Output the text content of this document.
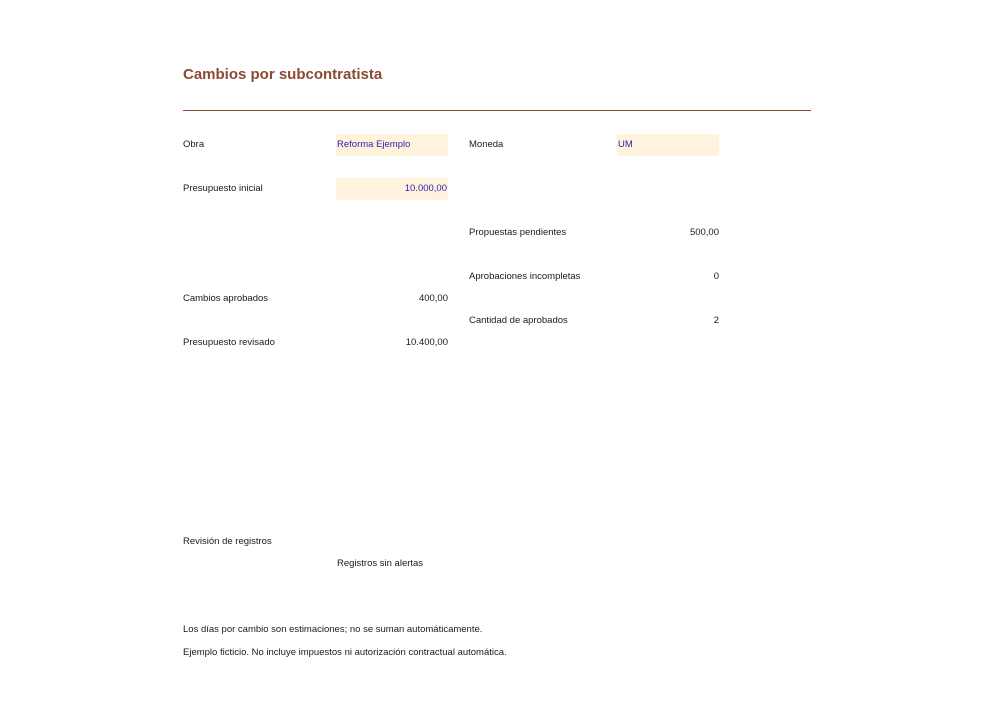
Cambios por subcontratista
Obra	Reforma Ejemplo	Moneda	UM
Presupuesto inicial	10.000,00
Propuestas pendientes	500,00
Aprobaciones incompletas	0
Cambios aprobados	400,00
Cantidad de aprobados	2
Presupuesto revisado	10.400,00
Revisión de registros
Registros sin alertas
Los días por cambio son estimaciones; no se suman automáticamente.
Ejemplo ficticio. No incluye impuestos ni autorización contractual automática.
